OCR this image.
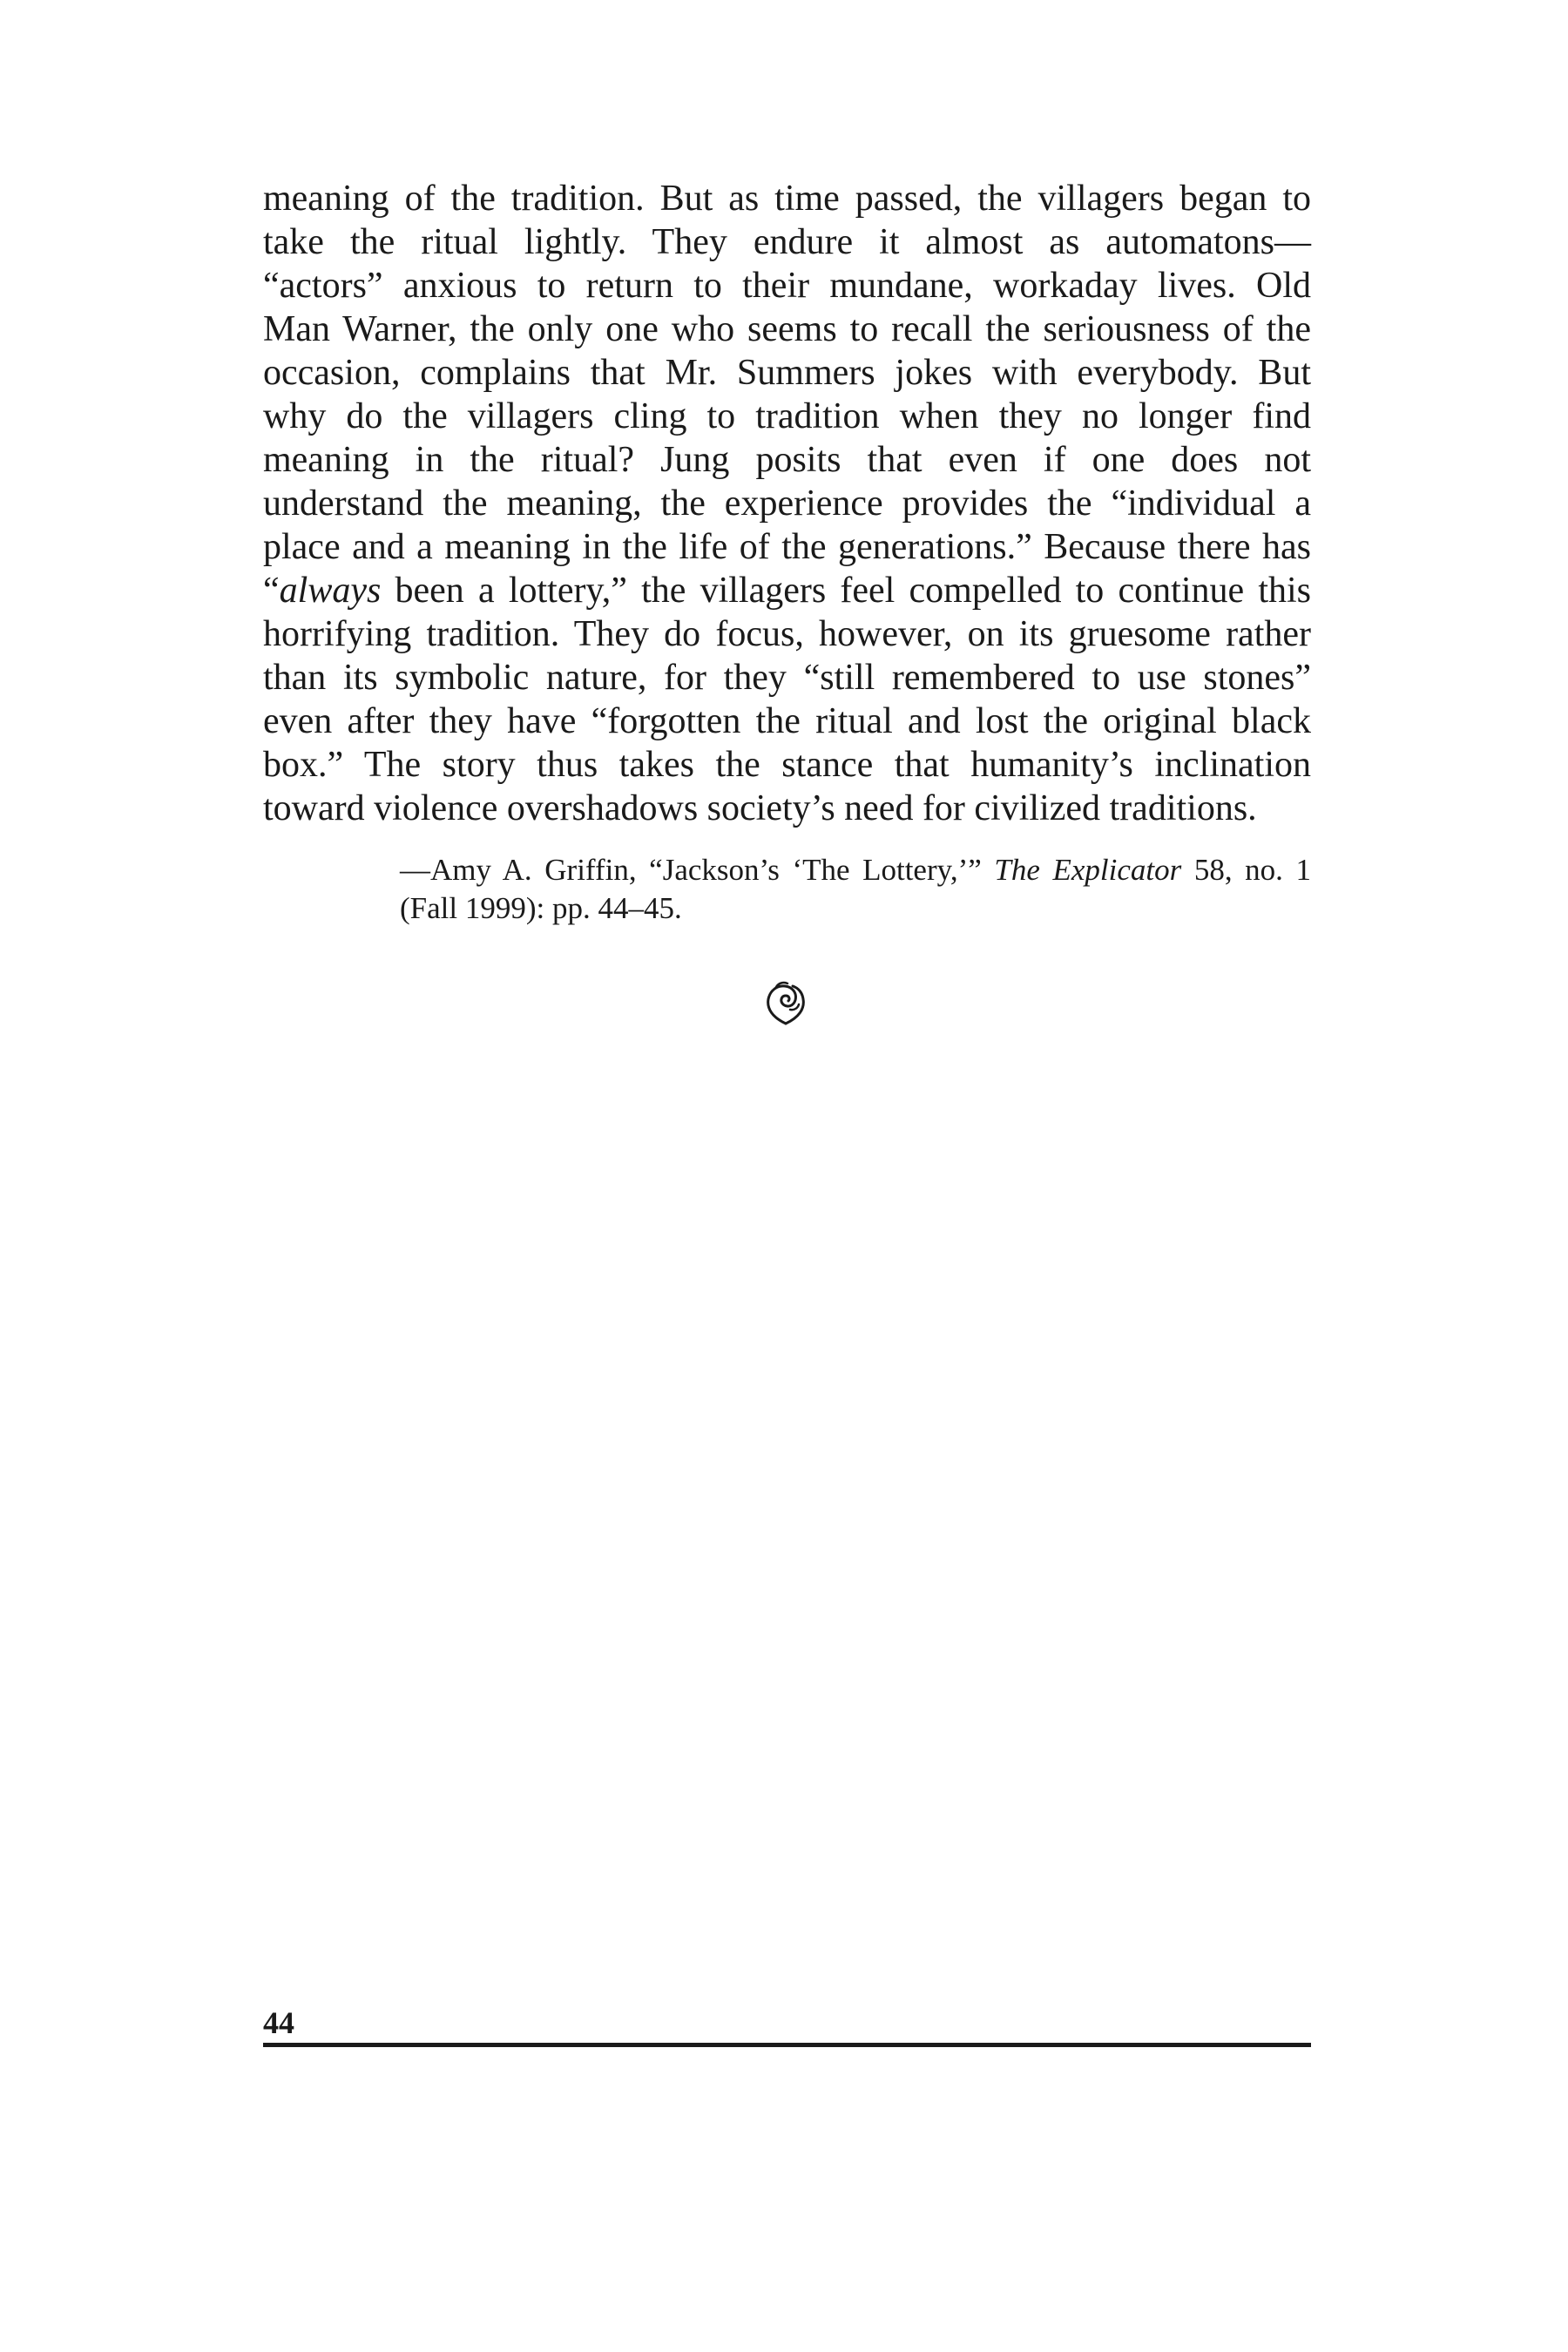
meaning of the tradition. But as time passed, the villagers began to
take the ritual lightly. They endure it almost as automatons—
“actors” anxious to return to their mundane, workaday lives. Old
Man Warner, the only one who seems to recall the seriousness of the
occasion, complains that Mr. Summers jokes with everybody. But
why do the villagers cling to tradition when they no longer find
meaning in the ritual? Jung posits that even if one does not
understand the meaning, the experience provides the “individual a
place and a meaning in the life of the generations.” Because there has
“always been a lottery,” the villagers feel compelled to continue this
horrifying tradition. They do focus, however, on its gruesome rather
than its symbolic nature, for they “still remembered to use stones”
even after they have “forgotten the ritual and lost the original black
box.” The story thus takes the stance that humanity’s inclination
toward violence overshadows society’s need for civilized traditions.
—Amy A. Griffin, “Jackson’s ‘The Lottery,’” The Explicator 58, no. 1
(Fall 1999): pp. 44–45.
44
